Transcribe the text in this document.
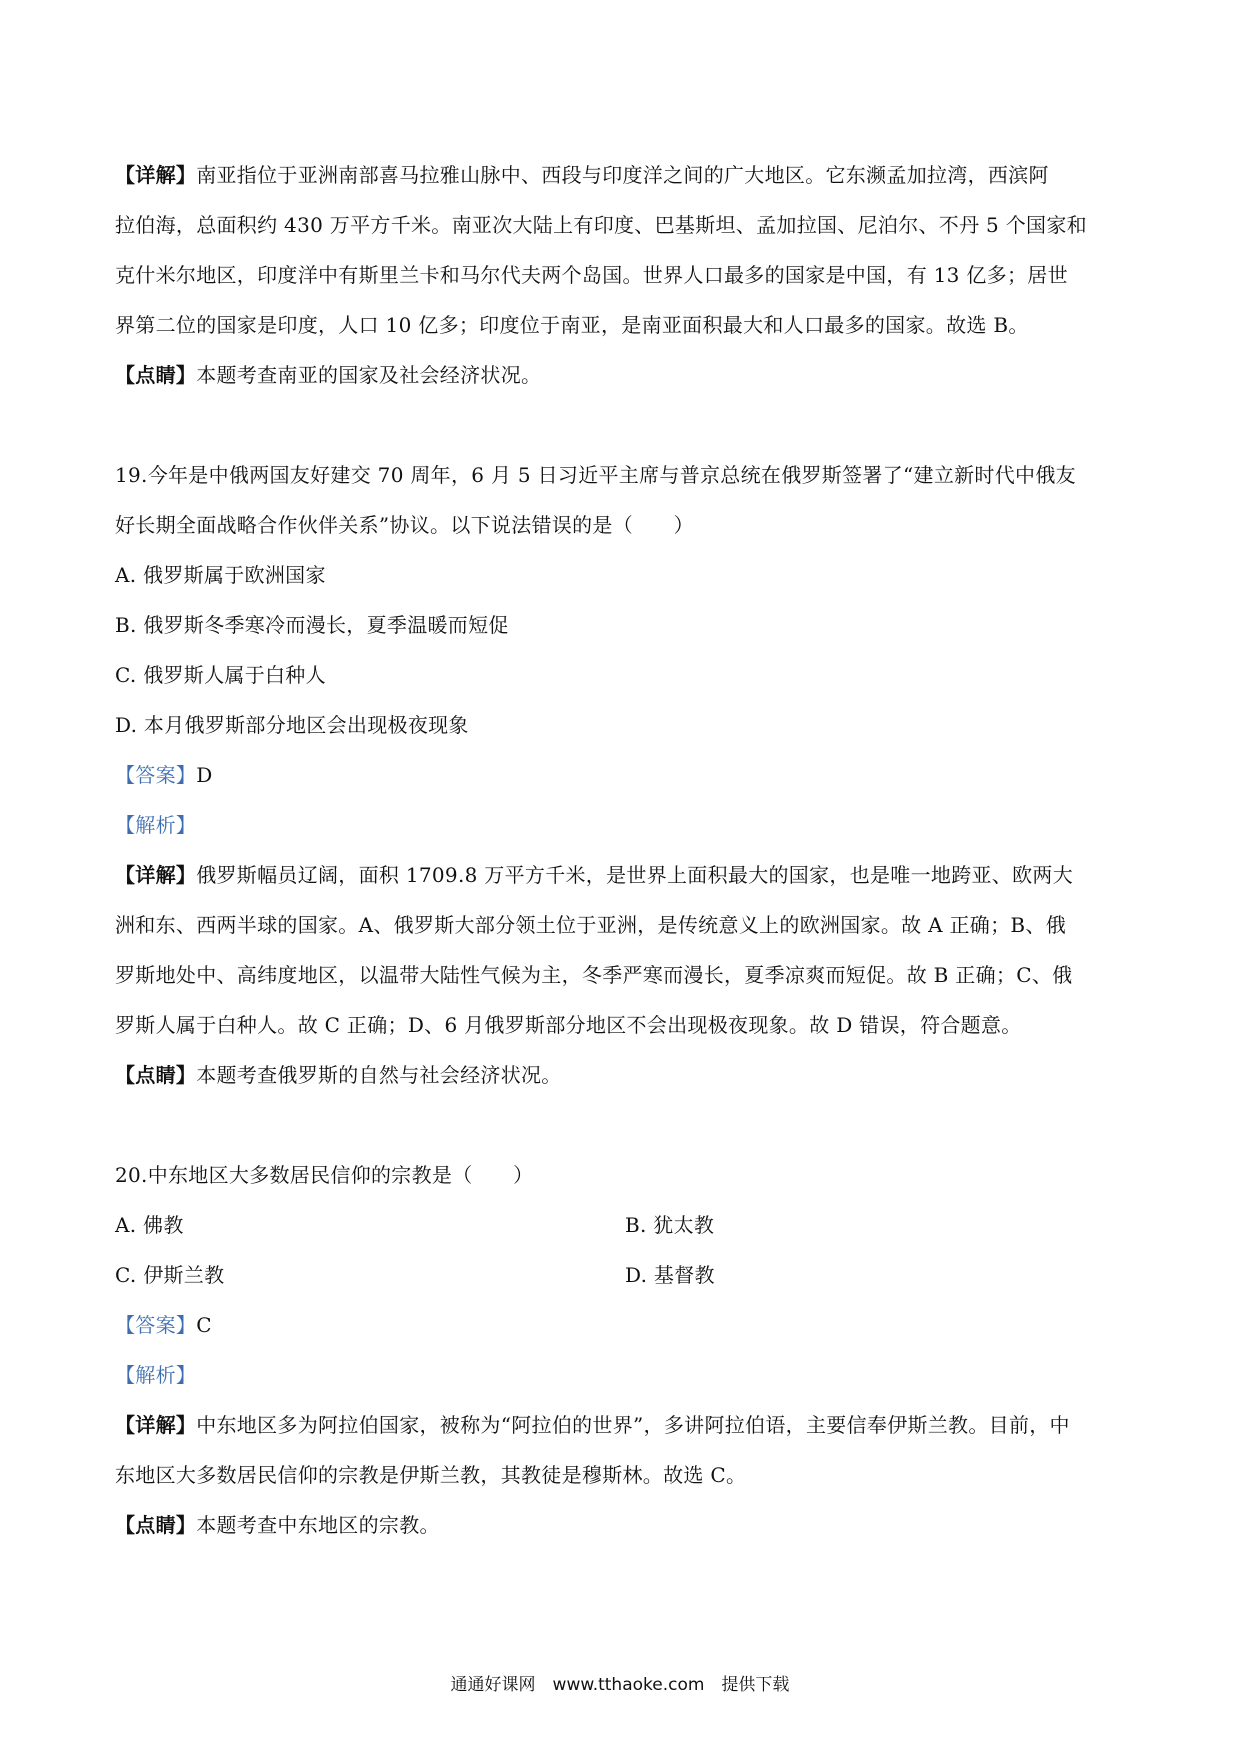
【详解】南亚指位于亚洲南部喜马拉雅山脉中、西段与印度洋之间的广大地区。它东濒孟加拉湾，西滨阿

拉伯海，总面积约 430 万平方千米。南亚次大陆上有印度、巴基斯坦、孟加拉国、尼泊尔、不丹 5 个国家和

克什米尔地区，印度洋中有斯里兰卡和马尔代夫两个岛国。世界人口最多的国家是中国，有 13 亿多；居世

界第二位的国家是印度，人口 10 亿多；印度位于南亚，是南亚面积最大和人口最多的国家。故选 B。

【点睛】本题考查南亚的国家及社会经济状况。

19.今年是中俄两国友好建交 70 周年，6 月 5 日习近平主席与普京总统在俄罗斯签署了“建立新时代中俄友

好长期全面战略合作伙伴关系”协议。以下说法错误的是（　　）

A. 俄罗斯属于欧洲国家

B. 俄罗斯冬季寒冷而漫长，夏季温暖而短促

C. 俄罗斯人属于白种人

D. 本月俄罗斯部分地区会出现极夜现象

【答案】D

【解析】

【详解】俄罗斯幅员辽阔，面积 1709.8 万平方千米，是世界上面积最大的国家，也是唯一地跨亚、欧两大

洲和东、西两半球的国家。A、俄罗斯大部分领土位于亚洲，是传统意义上的欧洲国家。故 A 正确；B、俄

罗斯地处中、高纬度地区，以温带大陆性气候为主，冬季严寒而漫长，夏季凉爽而短促。故 B 正确；C、俄

罗斯人属于白种人。故 C 正确；D、6 月俄罗斯部分地区不会出现极夜现象。故 D 错误，符合题意。

【点睛】本题考查俄罗斯的自然与社会经济状况。

20.中东地区大多数居民信仰的宗教是（　　）

A. 佛教	B. 犹太教

C. 伊斯兰教	D. 基督教

【答案】C

【解析】

【详解】中东地区多为阿拉伯国家，被称为“阿拉伯的世界”，多讲阿拉伯语，主要信奉伊斯兰教。目前，中

东地区大多数居民信仰的宗教是伊斯兰教，其教徒是穆斯林。故选 C。

【点睛】本题考查中东地区的宗教。

通通好课网　www.tthaoke.com　提供下载
